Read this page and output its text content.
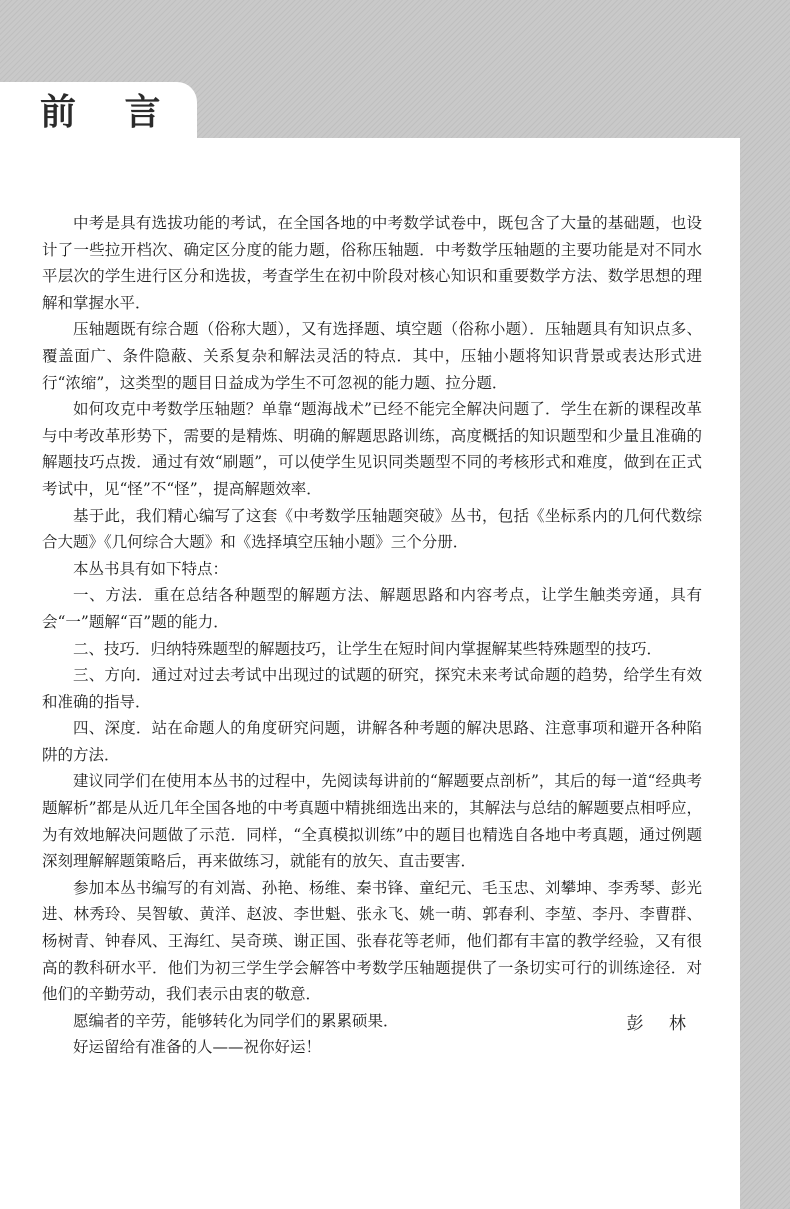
前 言

中考是具有选拔功能的考试，在全国各地的中考数学试卷中，既包含了大量的基础题，也设计了一些拉开档次、确定区分度的能力题，俗称压轴题．中考数学压轴题的主要功能是对不同水平层次的学生进行区分和选拔，考查学生在初中阶段对核心知识和重要数学方法、数学思想的理解和掌握水平．

压轴题既有综合题（俗称大题），又有选择题、填空题（俗称小题）．压轴题具有知识点多、覆盖面广、条件隐蔽、关系复杂和解法灵活的特点．其中，压轴小题将知识背景或表达形式进行“浓缩”，这类型的题目日益成为学生不可忽视的能力题、拉分题．

如何攻克中考数学压轴题？单靠“题海战术”已经不能完全解决问题了．学生在新的课程改革与中考改革形势下，需要的是精炼、明确的解题思路训练，高度概括的知识题型和少量且准确的解题技巧点拨．通过有效“刷题”，可以使学生见识同类题型不同的考核形式和难度，做到在正式考试中，见“怪”不“怪”，提高解题效率．

基于此，我们精心编写了这套《中考数学压轴题突破》丛书，包括《坐标系内的几何代数综合大题》《几何综合大题》和《选择填空压轴小题》三个分册．

本丛书具有如下特点：

一、方法．重在总结各种题型的解题方法、解题思路和内容考点，让学生触类旁通，具有会“一”题解“百”题的能力．

二、技巧．归纳特殊题型的解题技巧，让学生在短时间内掌握解某些特殊题型的技巧．

三、方向．通过对过去考试中出现过的试题的研究，探究未来考试命题的趋势，给学生有效和准确的指导．

四、深度．站在命题人的角度研究问题，讲解各种考题的解决思路、注意事项和避开各种陷阱的方法．

建议同学们在使用本丛书的过程中，先阅读每讲前的“解题要点剖析”，其后的每一道“经典考题解析”都是从近几年全国各地的中考真题中精挑细选出来的，其解法与总结的解题要点相呼应，为有效地解决问题做了示范．同样，“全真模拟训练”中的题目也精选自各地中考真题，通过例题深刻理解解题策略后，再来做练习，就能有的放矢、直击要害．

参加本丛书编写的有刘嵩、孙艳、杨维、秦书锋、童纪元、毛玉忠、刘攀坤、李秀琴、彭光进、林秀玲、吴智敏、黄洋、赵波、李世魁、张永飞、姚一萌、郭春利、李堃、李丹、李曹群、杨树青、钟春风、王海红、吴奇瑛、谢正国、张春花等老师，他们都有丰富的教学经验，又有很高的教科研水平．他们为初三学生学会解答中考数学压轴题提供了一条切实可行的训练途径．对他们的辛勤劳动，我们表示由衷的敬意．

愿编者的辛劳，能够转化为同学们的累累硕果．

好运留给有准备的人——祝你好运！

彭 林
